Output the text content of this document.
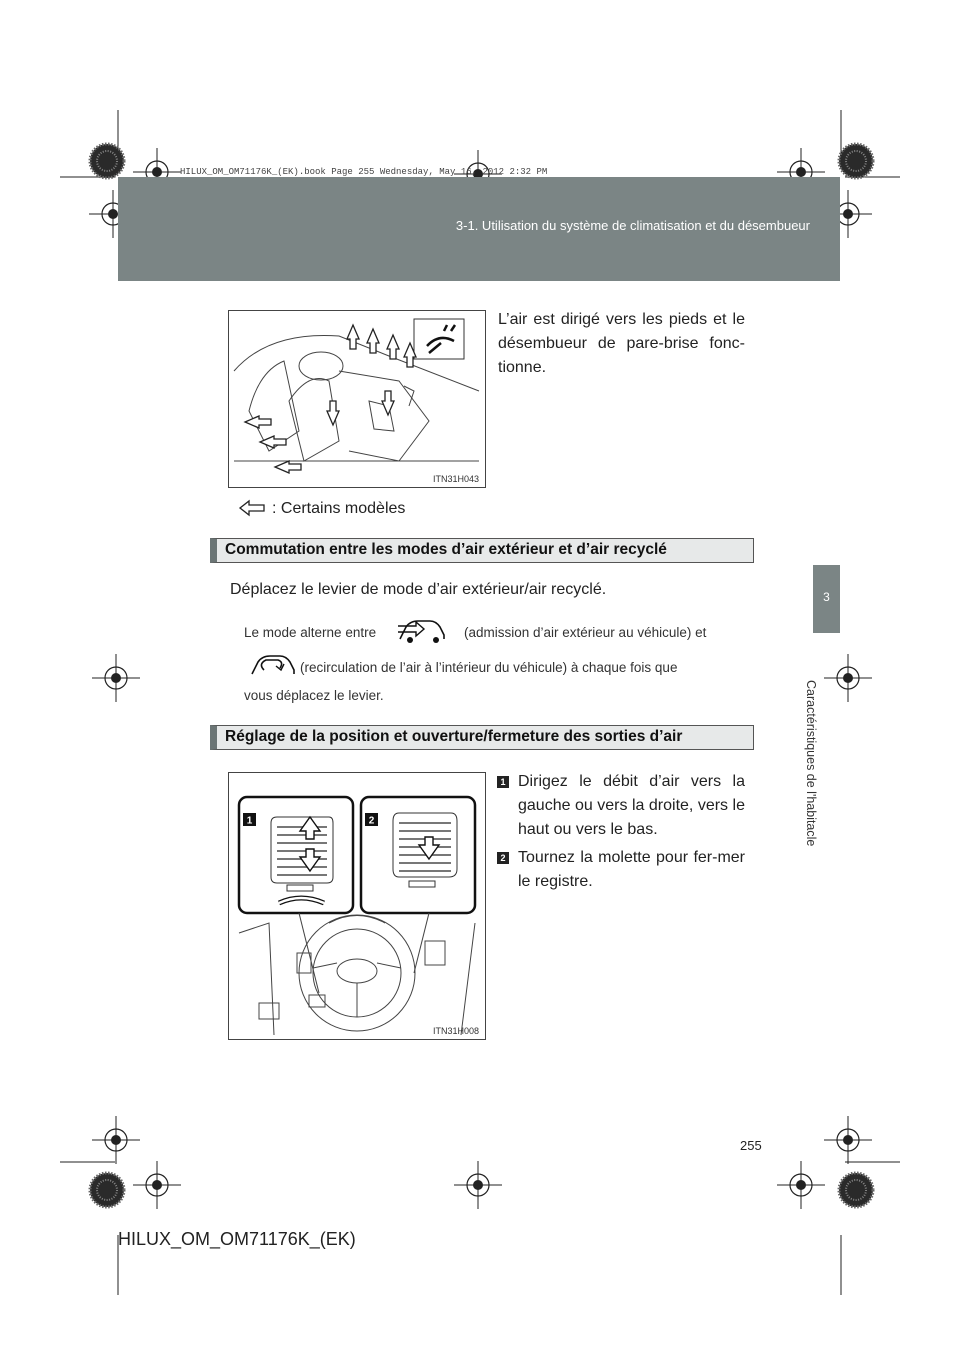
HILUX_OM_OM71176K_(EK).book Page 255 Wednesday, May 16, 2012 2:32 PM
3-1. Utilisation du système de climatisation et du désembueur
3
Caractéristiques de l'habitacle
ITN31H043
L’air est dirigé vers les pieds et le désembueur de pare-brise fonc-tionne.
: Certains modèles
Commutation entre les modes d’air extérieur et d’air recyclé
Déplacez le levier de mode d’air extérieur/air recyclé.
Le mode alterne entre	(admission d’air extérieur au véhicule) et
(recirculation de l’air à l’intérieur du véhicule) à chaque fois que
vous déplacez le levier.
Réglage de la position et ouverture/fermeture des sorties d’air
1	2
ITN31H008
1 Dirigez le débit d’air vers la gauche ou vers la droite, vers le haut ou vers le bas.
2 Tournez la molette pour fer-mer le registre.
255
HILUX_OM_OM71176K_(EK)
